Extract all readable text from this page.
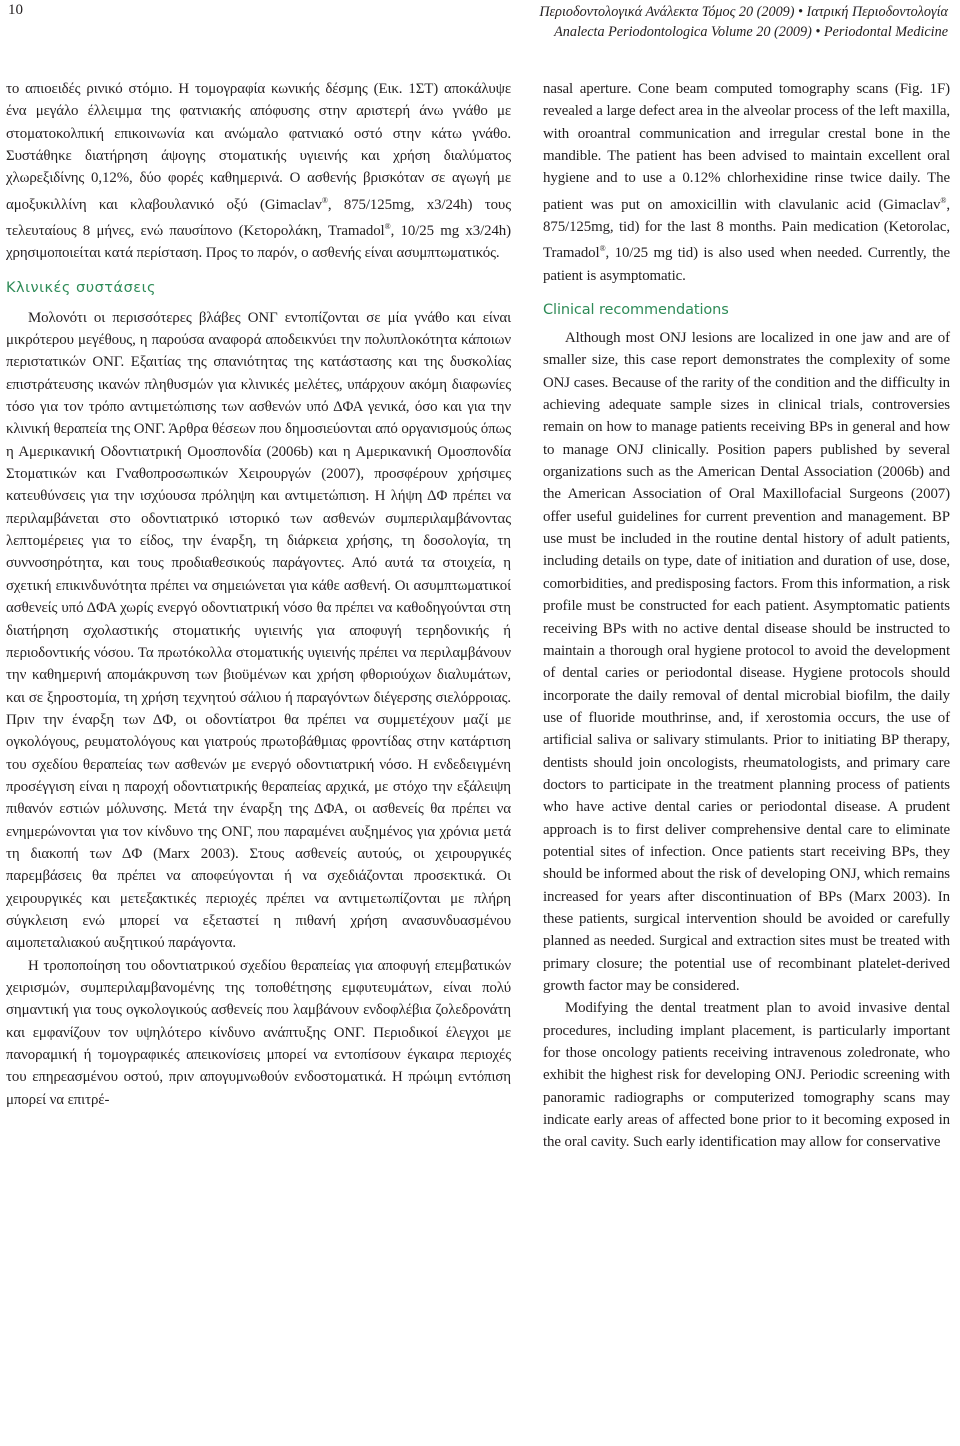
10	Περιοδοντολογικά Ανάλεκτα Τόμος 20 (2009) • Ιατρική Περιοδοντολογία
Analecta Periodontologica Volume 20 (2009) • Periodontal Medicine

το απιοειδές ρινικό στόμιο. Η τομογραφία κωνικής δέσμης (Εικ. 1ΣΤ) αποκάλυψε ένα μεγάλο έλλειμμα της φατνιακής απόφυσης στην αριστερή άνω γνάθο με στοματοκολπική επικοινωνία και ανώμαλο φατνιακό οστό στην κάτω γνάθο. Συστάθηκε διατήρηση άψογης στοματικής υγιεινής και χρήση διαλύματος χλωρεξιδίνης 0,12%, δύο φορές καθημερινά. Ο ασθενής βρισκόταν σε αγωγή με αμοξυκιλλίνη και κλαβουλανικό οξύ (Gimaclav®, 875/125mg, x3/24h) τους τελευταίους 8 μήνες, ενώ παυσίπονο (Κετορολάκη, Tramadol®, 10/25 mg x3/24h) χρησιμοποιείται κατά περίσταση. Προς το παρόν, ο ασθενής είναι ασυμπτωματικός.

Κλινικές συστάσεις

Μολονότι οι περισσότερες βλάβες ΟΝΓ εντοπίζονται σε μία γνάθο και είναι μικρότερου μεγέθους, η παρούσα αναφορά αποδεικνύει την πολυπλοκότητα κάποιων περιστατικών ΟΝΓ. Εξαιτίας της σπανιότητας της κατάστασης και της δυσκολίας επιστράτευσης ικανών πληθυσμών για κλινικές μελέτες, υπάρχουν ακόμη διαφωνίες τόσο για τον τρόπο αντιμετώπισης των ασθενών υπό ΔΦΑ γενικά, όσο και για την κλινική θεραπεία της ΟΝΓ. Άρθρα θέσεων που δημοσιεύονται από οργανισμούς όπως η Αμερικανική Οδοντιατρική Ομοσπονδία (2006b) και η Αμερικανική Ομοσπονδία Στοματικών και Γναθοπροσωπικών Χειρουργών (2007), προσφέρουν χρήσιμες κατευθύνσεις για την ισχύουσα πρόληψη και αντιμετώπιση. Η λήψη ΔΦ πρέπει να περιλαμβάνεται στο οδοντιατρικό ιστορικό των ασθενών συμπεριλαμβάνοντας λεπτομέρειες για το είδος, την έναρξη, τη διάρκεια χρήσης, τη δοσολογία, τη συννοσηρότητα, και τους προδιαθεσικούς παράγοντες. Από αυτά τα στοιχεία, η σχετική επικινδυνότητα πρέπει να σημειώνεται για κάθε ασθενή. Οι ασυμπτωματικοί ασθενείς υπό ΔΦΑ χωρίς ενεργό οδοντιατρική νόσο θα πρέπει να καθοδηγούνται στη διατήρηση σχολαστικής στοματικής υγιεινής για αποφυγή τερηδονικής ή περιοδοντικής νόσου. Τα πρωτόκολλα στοματικής υγιεινής πρέπει να περιλαμβάνουν την καθημερινή απομάκρυνση των βιοϋμένων και χρήση φθοριούχων διαλυμάτων, και σε ξηροστομία, τη χρήση τεχνητού σάλιου ή παραγόντων διέγερσης σιελόρροιας. Πριν την έναρξη των ΔΦ, οι οδοντίατροι θα πρέπει να συμμετέχουν μαζί με ογκολόγους, ρευματολόγους και γιατρούς πρωτοβάθμιας φροντίδας στην κατάρτιση του σχεδίου θεραπείας των ασθενών με ενεργό οδοντιατρική νόσο. Η ενδεδειγμένη προσέγγιση είναι η παροχή οδοντιατρικής θεραπείας αρχικά, με στόχο την εξάλειψη πιθανόν εστιών μόλυνσης. Μετά την έναρξη της ΔΦΑ, οι ασθενείς θα πρέπει να ενημερώνονται για τον κίνδυνο της ΟΝΓ, που παραμένει αυξημένος για χρόνια μετά τη διακοπή των ΔΦ (Marx 2003). Στους ασθενείς αυτούς, οι χειρουργικές παρεμβάσεις θα πρέπει να αποφεύγονται ή να σχεδιάζονται προσεκτικά. Οι χειρουργικές και μετεξακτικές περιοχές πρέπει να αντιμετωπίζονται με πλήρη σύγκλειση ενώ μπορεί να εξεταστεί η πιθανή χρήση ανασυνδυασμένου αιμοπεταλιακού αυξητικού παράγοντα.

Η τροποποίηση του οδοντιατρικού σχεδίου θεραπείας για αποφυγή επεμβατικών χειρισμών, συμπεριλαμβανομένης της τοποθέτησης εμφυτευμάτων, είναι πολύ σημαντική για τους ογκολογικούς ασθενείς που λαμβάνουν ενδοφλέβια ζολεδρονάτη και εμφανίζουν τον υψηλότερο κίνδυνο ανάπτυξης ΟΝΓ. Περιοδικοί έλεγχοι με πανοραμική ή τομογραφικές απεικονίσεις μπορεί να εντοπίσουν έγκαιρα περιοχές του επηρεασμένου οστού, πριν απογυμνωθούν ενδοστοματικά. Η πρώιμη εντόπιση μπορεί να επιτρέ-

nasal aperture. Cone beam computed tomography scans (Fig. 1F) revealed a large defect area in the alveolar process of the left maxilla, with oroantral communication and irregular crestal bone in the mandible. The patient has been advised to maintain excellent oral hygiene and to use a 0.12% chlorhexidine rinse twice daily. The patient was put on amoxicillin with clavulanic acid (Gimaclav®, 875/125mg, tid) for the last 8 months. Pain medication (Ketorolac, Tramadol®, 10/25 mg tid) is also used when needed. Currently, the patient is asymptomatic.

Clinical recommendations

Although most ONJ lesions are localized in one jaw and are of smaller size, this case report demonstrates the complexity of some ONJ cases. Because of the rarity of the condition and the difficulty in achieving adequate sample sizes in clinical trials, controversies remain on how to manage patients receiving BPs in general and how to manage ONJ clinically. Position papers published by several organizations such as the American Dental Association (2006b) and the American Association of Oral Maxillofacial Surgeons (2007) offer useful guidelines for current prevention and management. BP use must be included in the routine dental history of adult patients, including details on type, date of initiation and duration of use, dose, comorbidities, and predisposing factors. From this information, a risk profile must be constructed for each patient. Asymptomatic patients receiving BPs with no active dental disease should be instructed to maintain a thorough oral hygiene protocol to avoid the development of dental caries or periodontal disease. Hygiene protocols should incorporate the daily removal of dental microbial biofilm, the daily use of fluoride mouthrinse, and, if xerostomia occurs, the use of artificial saliva or salivary stimulants. Prior to initiating BP therapy, dentists should join oncologists, rheumatologists, and primary care doctors to participate in the treatment planning process of patients who have active dental caries or periodontal disease. A prudent approach is to first deliver comprehensive dental care to eliminate potential sites of infection. Once patients start receiving BPs, they should be informed about the risk of developing ONJ, which remains increased for years after discontinuation of BPs (Marx 2003). In these patients, surgical intervention should be avoided or carefully planned as needed. Surgical and extraction sites must be treated with primary closure; the potential use of recombinant platelet-derived growth factor may be considered.

Modifying the dental treatment plan to avoid invasive dental procedures, including implant placement, is particularly important for those oncology patients receiving intravenous zoledronate, who exhibit the highest risk for developing ONJ. Periodic screening with panoramic radiographs or computerized tomography scans may indicate early areas of affected bone prior to it becoming exposed in the oral cavity. Such early identification may allow for conservative
